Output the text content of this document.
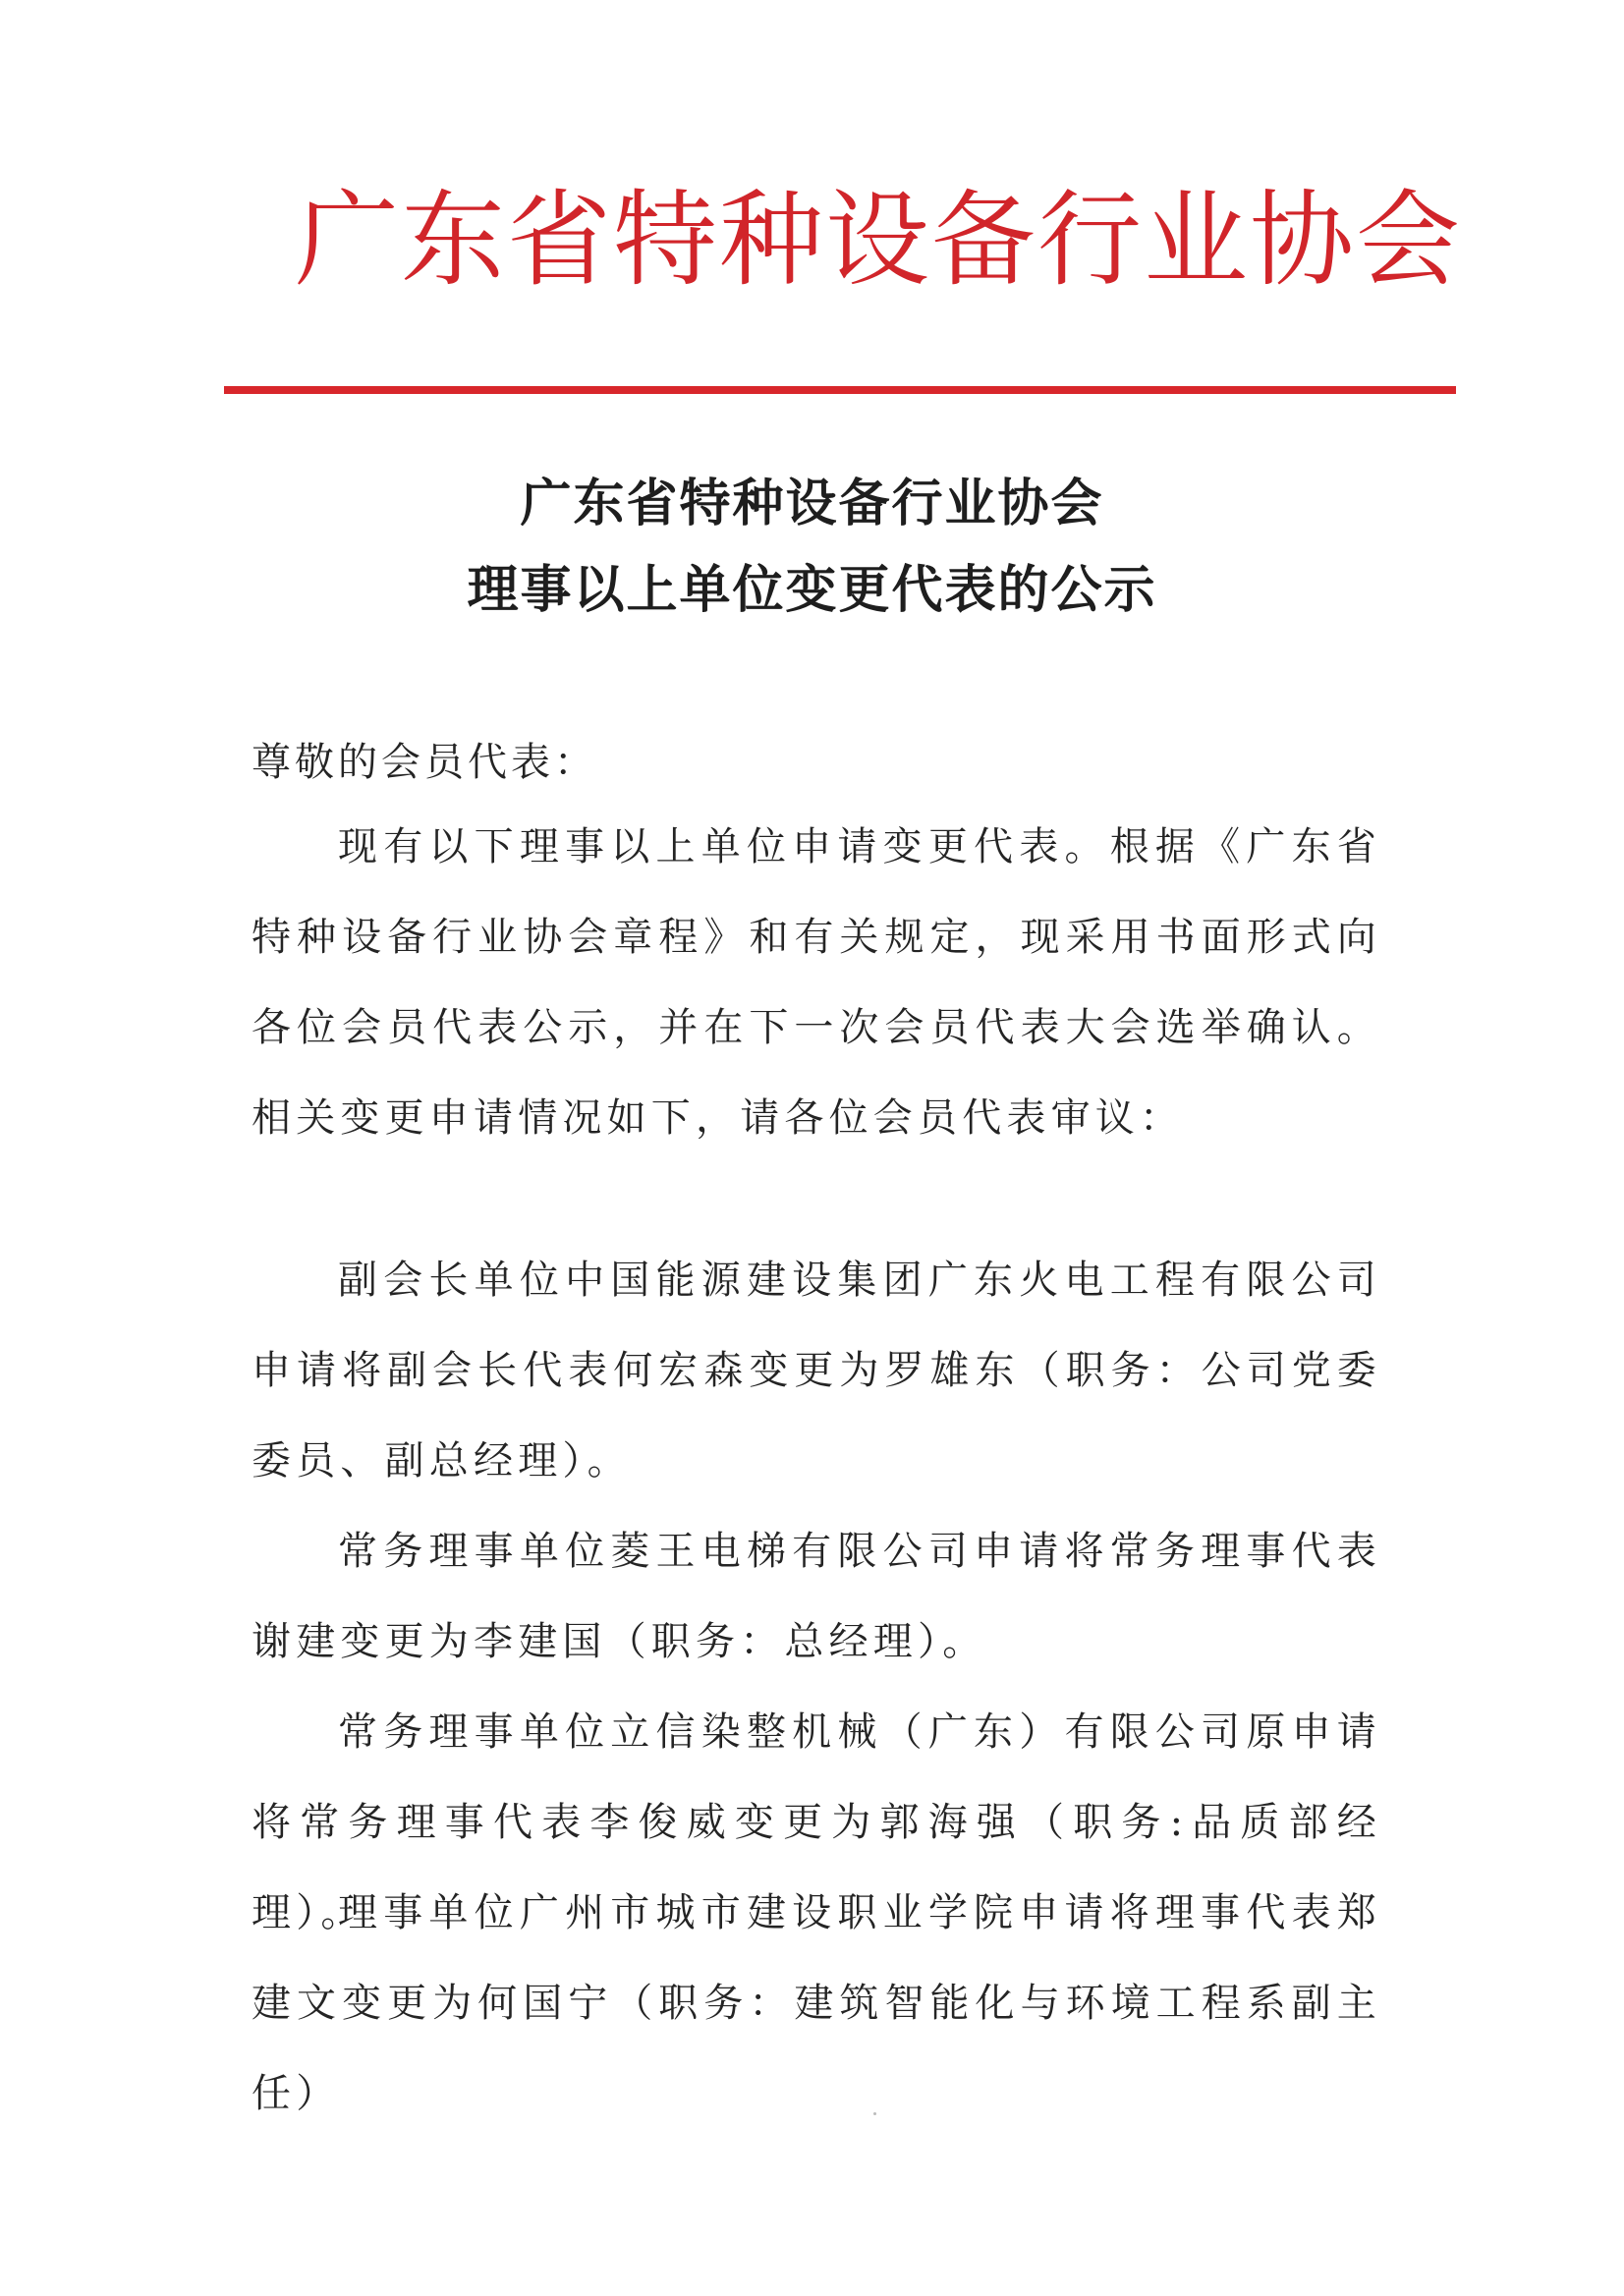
广东省特种设备行业协会
广东省特种设备行业协会
理事以上单位变更代表的公示
尊敬的会员代表：

现有以下理事以上单位申请变更代表。根据《广东省特种设备行业协会章程》和有关规定，现采用书面形式向各位会员代表公示，并在下一次会员代表大会选举确认。相关变更申请情况如下，请各位会员代表审议：

副会长单位中国能源建设集团广东火电工程有限公司申请将副会长代表何宏森变更为罗雄东（职务：公司党委委员、副总经理）。

常务理事单位菱王电梯有限公司申请将常务理事代表谢建变更为李建国（职务：总经理）。

常务理事单位立信染整机械（广东）有限公司原申请将常务理事代表李俊威变更为郭海强（职务:品质部经理）。

理事单位广州市城市建设职业学院申请将理事代表郑建文变更为何国宁（职务：建筑智能化与环境工程系副主任）
